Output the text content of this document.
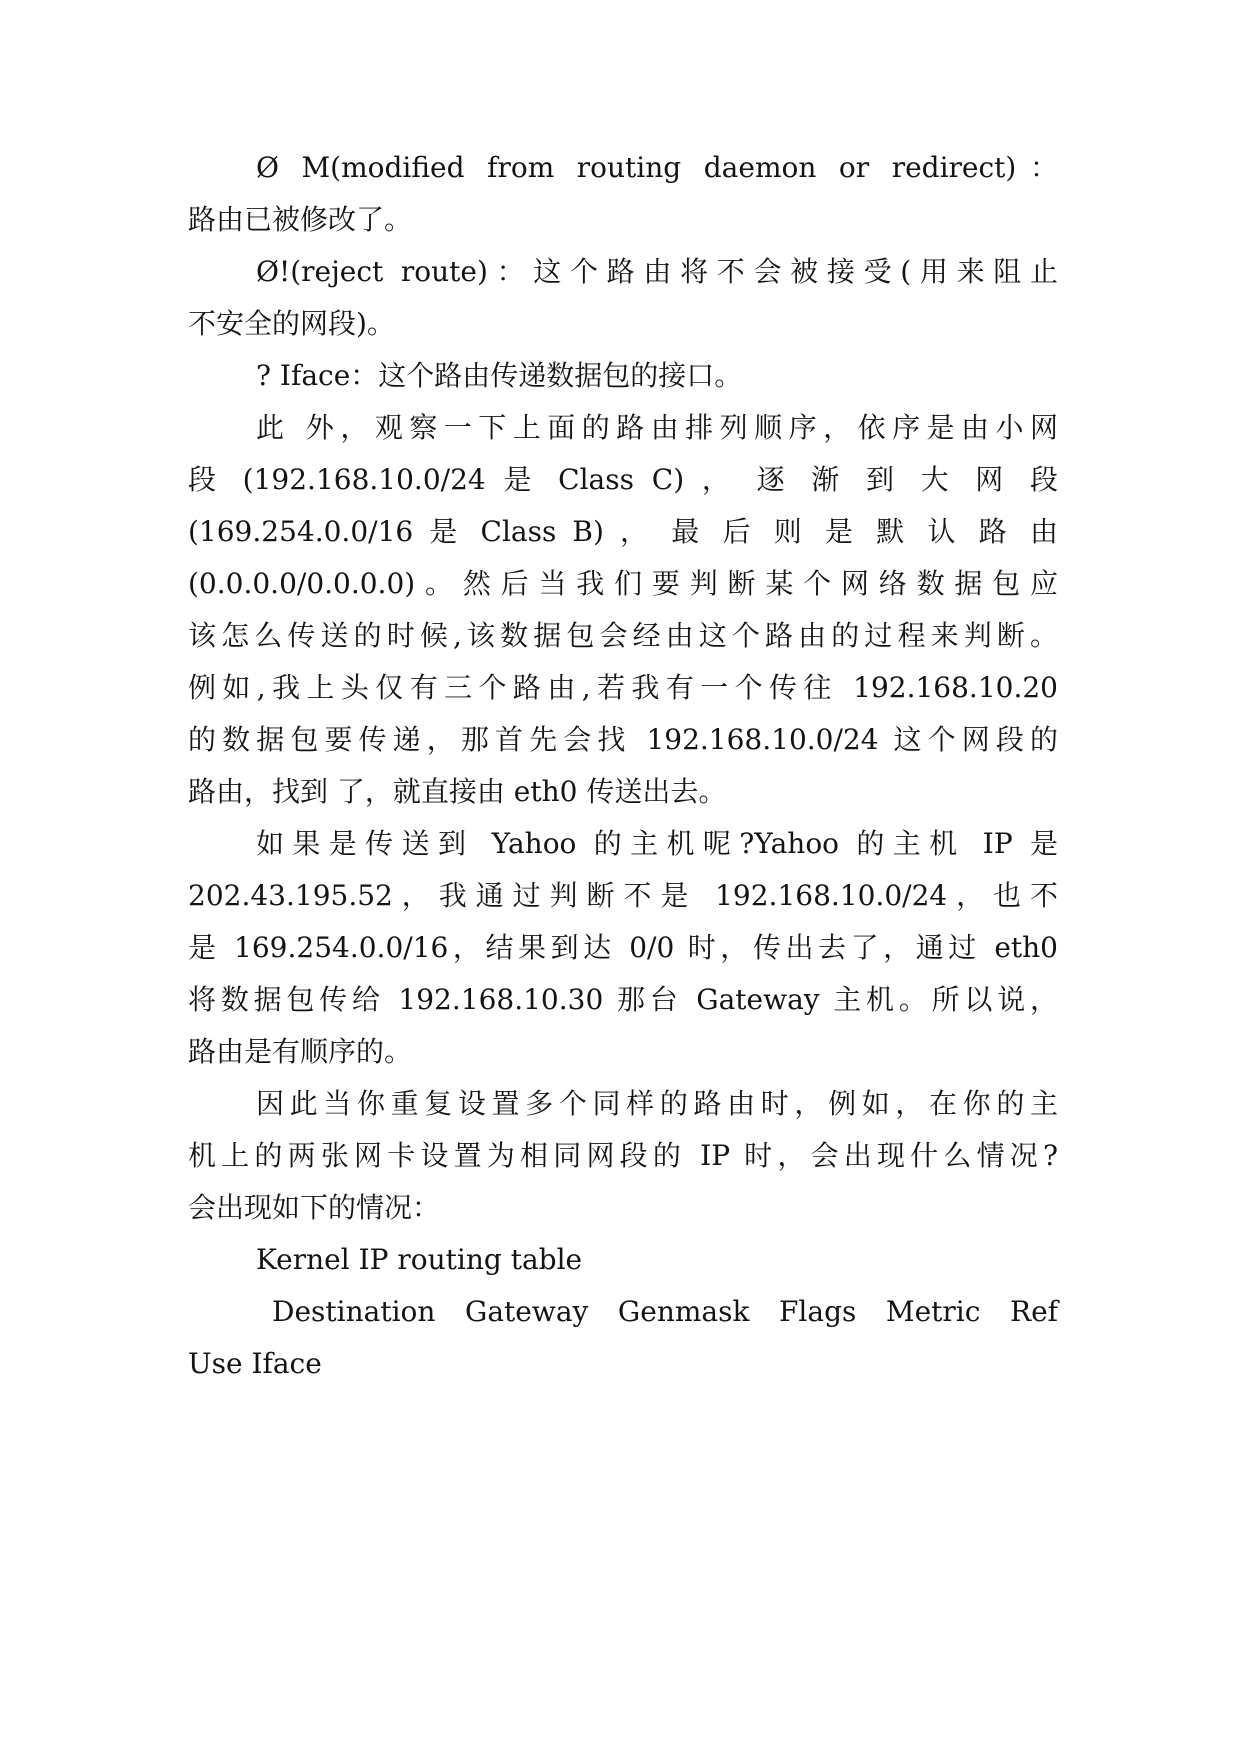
Ø M(modified from routing daemon or redirect)：

路由已被修改了。

Ø!(reject route)：这个路由将不会被接受(用来阻止

不安全的网段)。

? Iface：这个路由传递数据包的接口。

此 外，观察一下上面的路由排列顺序，依序是由小网

段 (192.168.10.0/24 是 Class C) ， 逐 渐 到 大 网 段

(169.254.0.0/16 是 Class B) ， 最 后 则 是 默 认 路 由

(0.0.0.0/0.0.0.0)。然后当我们要判断某个网络数据包应

该怎么传送的时候,该数据包会经由这个路由的过程来判断。

例如,我上头仅有三个路由,若我有一个传往 192.168.10.20

的数据包要传递，那首先会找 192.168.10.0/24 这个网段的

路由，找到 了，就直接由 eth0 传送出去。

如果是传送到 Yahoo 的主机呢?Yahoo 的主机 IP 是

202.43.195.52，我通过判断不是 192.168.10.0/24，也不

是 169.254.0.0/16，结果到达 0/0 时，传出去了，通过 eth0

将数据包传给 192.168.10.30 那台 Gateway 主机。所以说，

路由是有顺序的。

因此当你重复设置多个同样的路由时，例如，在你的主

机上的两张网卡设置为相同网段的 IP 时，会出现什么情况?

会出现如下的情况：

Kernel IP routing table

Destination Gateway Genmask Flags Metric Ref

Use Iface
